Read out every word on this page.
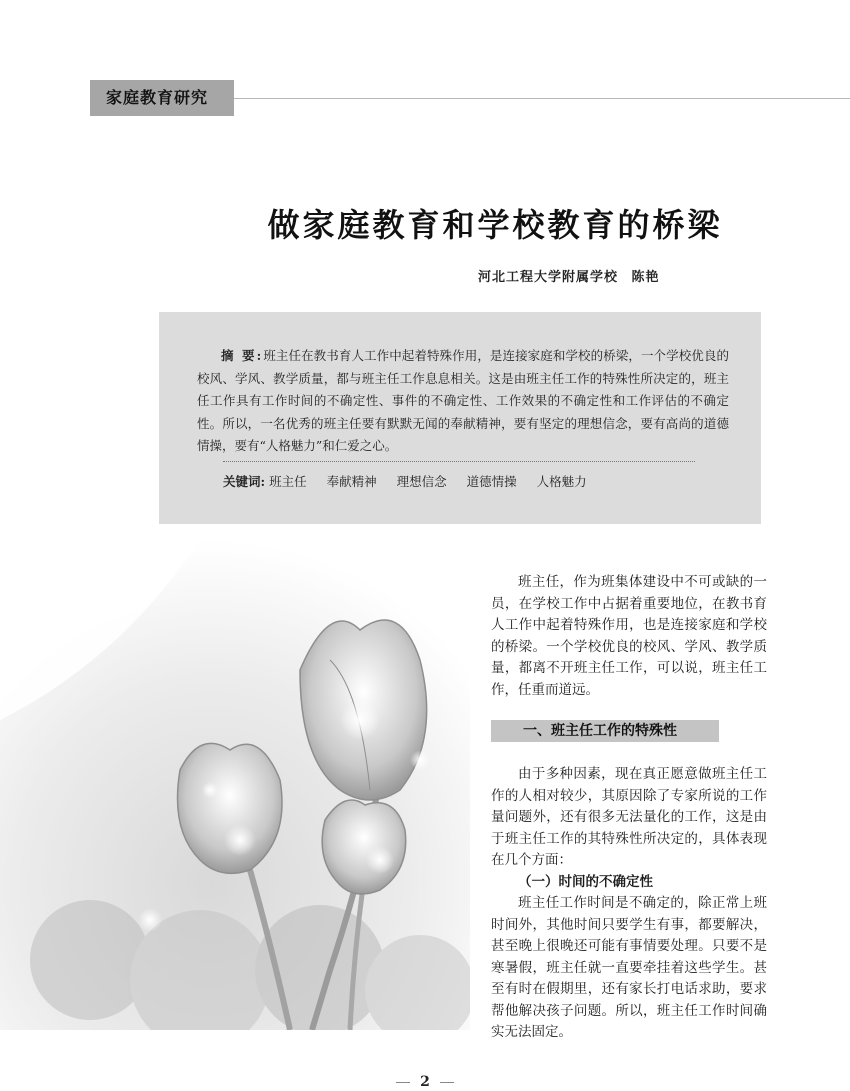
家庭教育研究
做家庭教育和学校教育的桥梁
河北工程大学附属学校 陈艳
摘 要:班主任在教书育人工作中起着特殊作用，是连接家庭和学校的桥梁，一个学校优良的校风、学风、教学质量，都与班主任工作息息相关。这是由班主任工作的特殊性所决定的，班主任工作具有工作时间的不确定性、事件的不确定性、工作效果的不确定性和工作评估的不确定性。所以，一名优秀的班主任要有默默无闻的奉献精神，要有坚定的理想信念，要有高尚的道德情操，要有“人格魅力”和仁爱之心。
关键词: 班主任 奉献精神 理想信念 道德情操 人格魅力

班主任，作为班集体建设中不可或缺的一员，在学校工作中占据着重要地位，在教书育人工作中起着特殊作用，也是连接家庭和学校的桥梁。一个学校优良的校风、学风、教学质量，都离不开班主任工作，可以说，班主任工作，任重而道远。

一、班主任工作的特殊性

由于多种因素，现在真正愿意做班主任工作的人相对较少，其原因除了专家所说的工作量问题外，还有很多无法量化的工作，这是由于班主任工作的其特殊性所决定的，具体表现在几个方面：

（一）时间的不确定性

班主任工作时间是不确定的，除正常上班时间外，其他时间只要学生有事，都要解决，甚至晚上很晚还可能有事情要处理。只要不是寒暑假，班主任就一直要牵挂着这些学生。甚至有时在假期里，还有家长打电话求助，要求帮他解决孩子问题。所以，班主任工作时间确实无法固定。

2
